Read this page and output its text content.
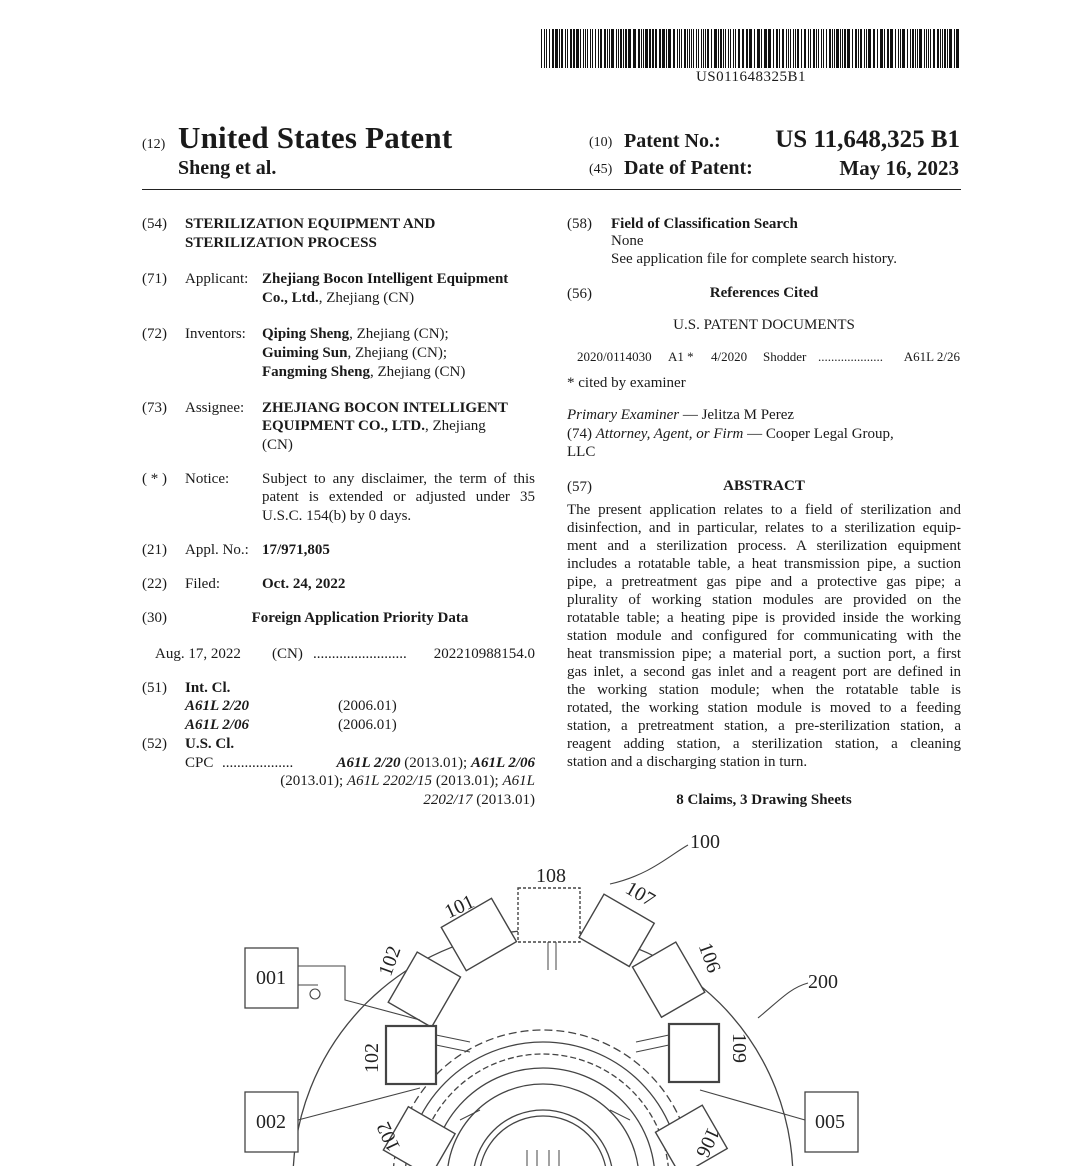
US011648325B1
(12) United States Patent
Sheng et al.
(10) Patent No.: US 11,648,325 B1
(45) Date of Patent:	May 16, 2023
(54) STERILIZATION EQUIPMENT AND
STERILIZATION PROCESS
(71) Applicant: Zhejiang Bocon Intelligent Equipment
Co., Ltd., Zhejiang (CN)
(72) Inventors: Qiping Sheng, Zhejiang (CN);
Guiming Sun, Zhejiang (CN);
Fangming Sheng, Zhejiang (CN)
(73) Assignee: ZHEJIANG BOCON INTELLIGENT
EQUIPMENT CO., LTD., Zhejiang
(CN)
( * ) Notice: Subject to any disclaimer, the term of this
patent is extended or adjusted under 35
U.S.C. 154(b) by 0 days.
(21) Appl. No.: 17/971,805
(22) Filed:	Oct. 24, 2022
(30)	Foreign Application Priority Data
Aug. 17, 2022 (CN) ......................... 202210988154.0
(51) Int. Cl.
A61L 2/20	(2006.01)
A61L 2/06	(2006.01)
(52) U.S. Cl.
CPC ...................	A61L 2/20 (2013.01); A61L 2/06
(2013.01); A61L 2202/15 (2013.01); A61L
2202/17 (2013.01)
(58) Field of Classification Search
None
See application file for complete search history.
(56)	References Cited
U.S. PATENT DOCUMENTS
2020/0114030 A1 * 4/2020 Shodder .................... A61L 2/26
* cited by examiner
Primary Examiner — Jelitza M Perez
(74) Attorney, Agent, or Firm — Cooper Legal Group,
LLC
(57)	ABSTRACT
The present application relates to a field of sterilization and
disinfection, and in particular, relates to a sterilization equip-
ment and a sterilization process. A sterilization equipment
includes a rotatable table, a heat transmission pipe, a suction
pipe, a pretreatment gas pipe and a protective gas pipe; a
plurality of working station modules are provided on the
rotatable table; a heating pipe is provided inside the working
station module and configured for communicating with the
heat transmission pipe; a material port, a suction port, a first
gas inlet, a second gas inlet and a reagent port are defined in
the working station module; when the rotatable table is
rotated, the working station module is moved to a feeding
station, a pretreatment station, a pre-sterilization station, a
reagent adding station, a sterilization station, a cleaning
station and a discharging station in turn.
8 Claims, 3 Drawing Sheets
100
200
108
107
101
106
102
102	109
102	106
001
002	005
